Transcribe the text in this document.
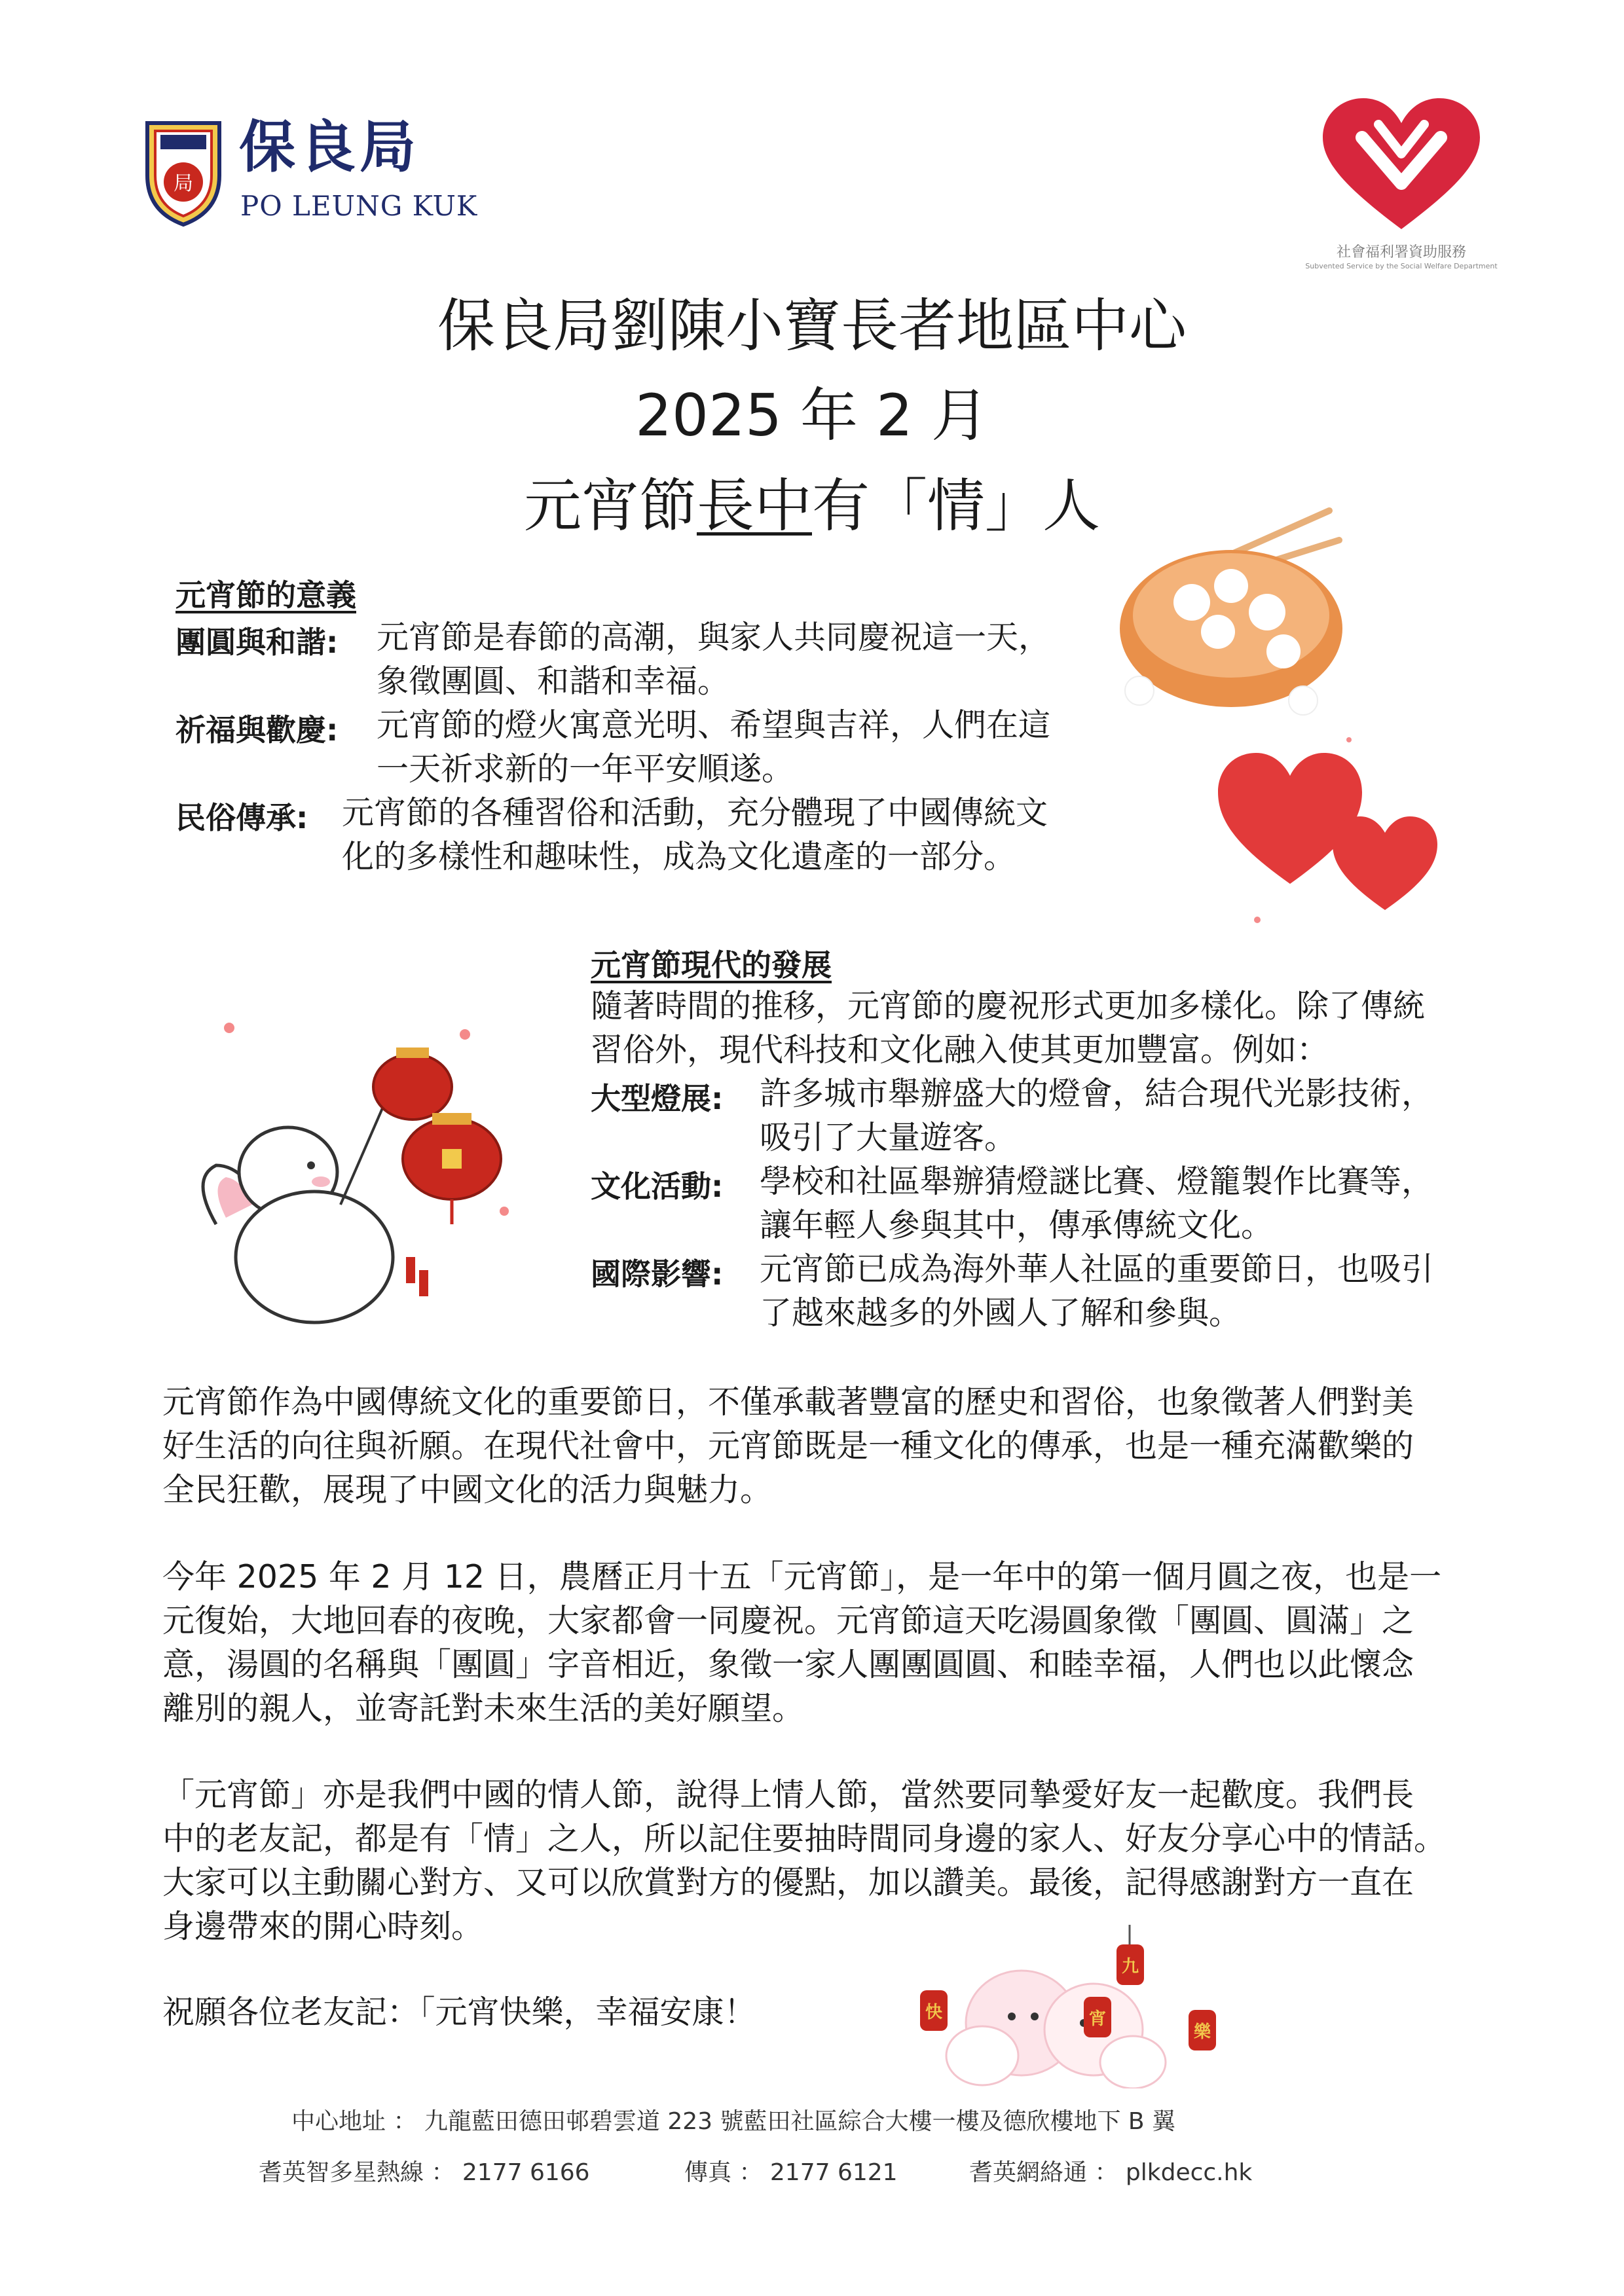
局
保良局
PO LEUNG KUK
社會福利署資助服務
Subvented Service by the Social Welfare Department
保良局劉陳小寶長者地區中心
2025 年 2 月
元宵節長中有「情」人
元宵節的意義
團圓與和諧: 元宵節是春節的高潮，與家人共同慶祝這一天，
象徵團圓、和諧和幸福。
祈福與歡慶: 元宵節的燈火寓意光明、希望與吉祥，人們在這
一天祈求新的一年平安順遂。
民俗傳承: 元宵節的各種習俗和活動，充分體現了中國傳統文
化的多樣性和趣味性，成為文化遺產的一部分。
元宵節現代的發展
隨著時間的推移，元宵節的慶祝形式更加多樣化。除了傳統
習俗外，現代科技和文化融入使其更加豐富。例如：
大型燈展: 許多城市舉辦盛大的燈會，結合現代光影技術，
吸引了大量遊客。
文化活動: 學校和社區舉辦猜燈謎比賽、燈籠製作比賽等，
讓年輕人參與其中，傳承傳統文化。
國際影響: 元宵節已成為海外華人社區的重要節日，也吸引
了越來越多的外國人了解和參與。
元宵節作為中國傳統文化的重要節日，不僅承載著豐富的歷史和習俗，也象徵著人們對美
好生活的向往與祈願。在現代社會中，元宵節既是一種文化的傳承，也是一種充滿歡樂的
全民狂歡，展現了中國文化的活力與魅力。
今年 2025 年 2 月 12 日，農曆正月十五「元宵節」，是一年中的第一個月圓之夜，也是一
元復始，大地回春的夜晚，大家都會一同慶祝。元宵節這天吃湯圓象徵「團圓、圓滿」之
意，湯圓的名稱與「團圓」字音相近，象徵一家人團團圓圓、和睦幸福，人們也以此懷念
離別的親人，並寄託對未來生活的美好願望。
「元宵節」亦是我們中國的情人節，說得上情人節，當然要同摯愛好友一起歡度。我們長
中的老友記，都是有「情」之人，所以記住要抽時間同身邊的家人、好友分享心中的情話。
大家可以主動關心對方、又可以欣賞對方的優點，加以讚美。最後，記得感謝對方一直在
身邊帶來的開心時刻。
祝願各位老友記：「元宵快樂，幸福安康！
九
快	宵
樂
中心地址 ： 九龍藍田德田邨碧雲道 223 號藍田社區綜合大樓一樓及德欣樓地下 B 翼
耆英智多星熱線 ： 2177 6166	傳真 ： 2177 6121	耆英網絡通 ： plkdecc.hk
